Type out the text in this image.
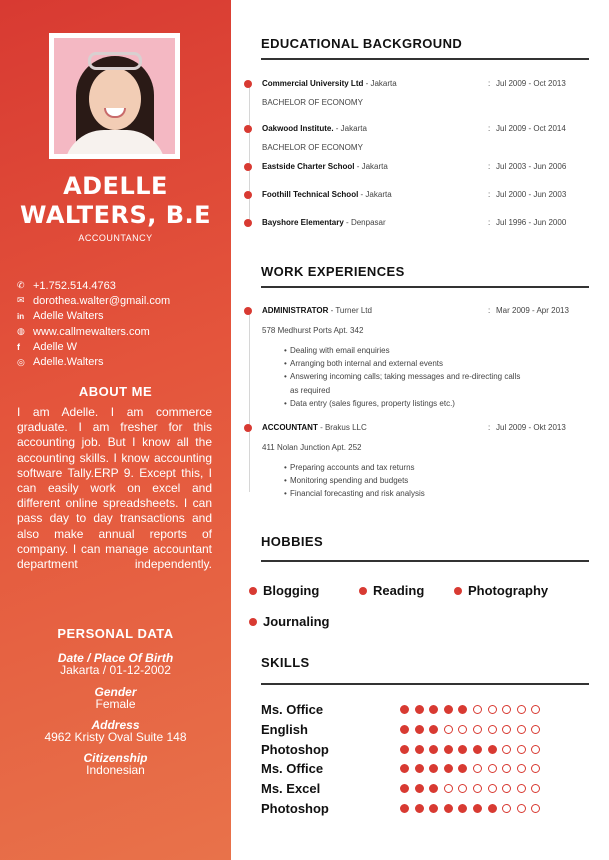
ADELLE
WALTERS, B.E
ACCOUNTANCY
✆ +1.752.514.4763
✉ dorothea.walter@gmail.com
in Adelle Walters
◍ www.callmewalters.com
f	Adelle W
◎ Adelle.Walters
ABOUT ME
I am Adelle. I am commerce graduate. I am fresher for this accounting job. But I know all the accounting skills. I know accounting software Tally.ERP 9. Except this, I can easily work on excel and different online spreadsheets. I can pass day to day transactions and also make annual reports of company. I can manage accountant department independently.
PERSONAL DATA
Date / Place Of Birth
Jakarta / 01-12-2002
Gender
Female
Address
4962 Kristy Oval Suite 148
Citizenship
Indonesian
EDUCATIONAL BACKGROUND
Commercial University Ltd - Jakarta	: Jul 2009 - Oct 2013
BACHELOR OF ECONOMY
Oakwood Institute. - Jakarta	: Jul 2009 - Oct 2014
BACHELOR OF ECONOMY
Eastside Charter School - Jakarta	: Jul 2003 - Jun 2006
Foothill Technical School - Jakarta	: Jul 2000 - Jun 2003
Bayshore Elementary - Denpasar	: Jul 1996 - Jun 2000
WORK EXPERIENCES
ADMINISTRATOR - Turner Ltd	: Mar 2009 - Apr 2013
578 Medhurst Ports Apt. 342
• Dealing with email enquiries
• Arranging both internal and external events
• Answering incoming calls; taking messages and re-directing calls as required
• Data entry (sales figures, property listings etc.)
ACCOUNTANT - Brakus LLC	: Jul 2009 - Okt 2013
411 Nolan Junction Apt. 252
• Preparing accounts and tax returns
• Monitoring spending and budgets
• Financial forecasting and risk analysis
HOBBIES
Blogging	Reading	Photography
Journaling
SKILLS
Ms. Office
English
Photoshop
Ms. Office
Ms. Excel
Photoshop
